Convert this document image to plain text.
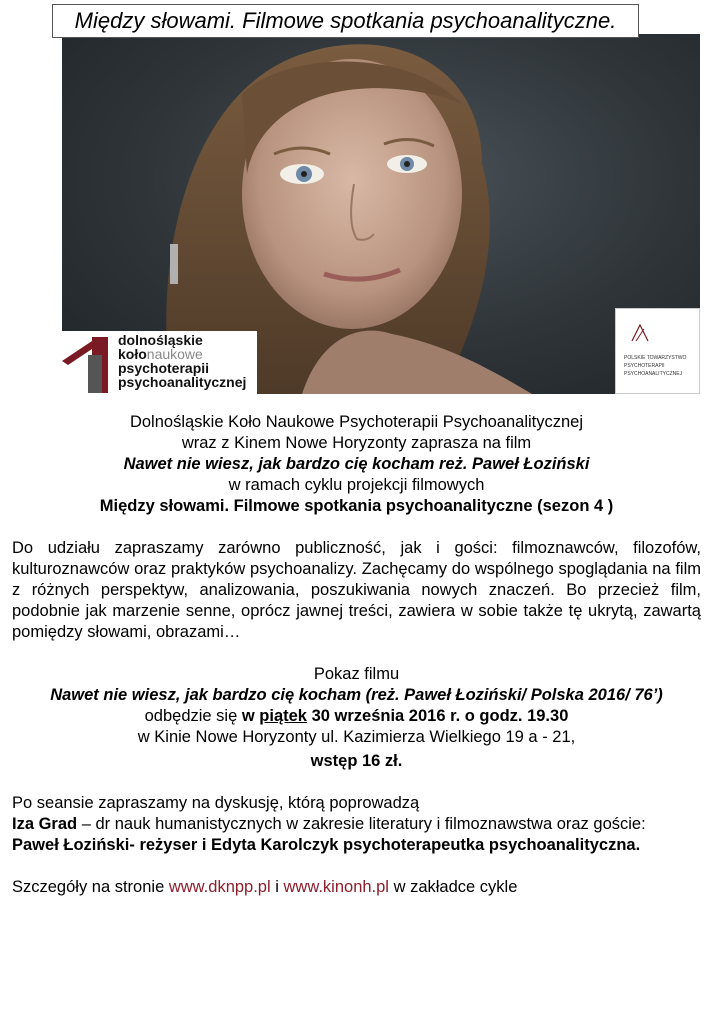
Między słowami. Filmowe spotkania psychoanalityczne.
dolnośląskie
kołonaukowe
psychoterapii
psychoanalitycznej
POLSKIE TOWARZYSTWO
PSYCHOTERAPII
PSYCHOANALITYCZNEJ

Dolnośląskie Koło Naukowe Psychoterapii Psychoanalitycznej

wraz z Kinem Nowe Horyzonty zaprasza na film

Nawet nie wiesz, jak bardzo cię kocham reż. Paweł Łoziński

w ramach cyklu projekcji filmowych

Między słowami. Filmowe spotkania psychoanalityczne (sezon 4 )

Do udziału zapraszamy zarówno publiczność, jak i gości: filmoznawców, filozofów, kulturoznawców oraz praktyków psychoanalizy. Zachęcamy do wspólnego spoglądania na film z różnych perspektyw, analizowania, poszukiwania nowych znaczeń. Bo przecież film, podobnie jak marzenie senne, oprócz jawnej treści, zawiera w sobie także tę ukrytą, zawartą pomiędzy słowami, obrazami…

Pokaz filmu

Nawet nie wiesz, jak bardzo cię kocham (reż. Paweł Łoziński/ Polska 2016/ 76’)

odbędzie się w piątek 30 września 2016 r. o godz. 19.30

w Kinie Nowe Horyzonty ul. Kazimierza Wielkiego 19 a - 21,

wstęp 16 zł.

Po seansie zapraszamy na dyskusję, którą poprowadzą

Iza Grad – dr nauk humanistycznych w zakresie literatury i filmoznawstwa oraz goście:

Paweł Łoziński- reżyser i Edyta Karolczyk psychoterapeutka psychoanalityczna.

Szczegóły na stronie www.dknpp.pl i www.kinonh.pl w zakładce cykle
